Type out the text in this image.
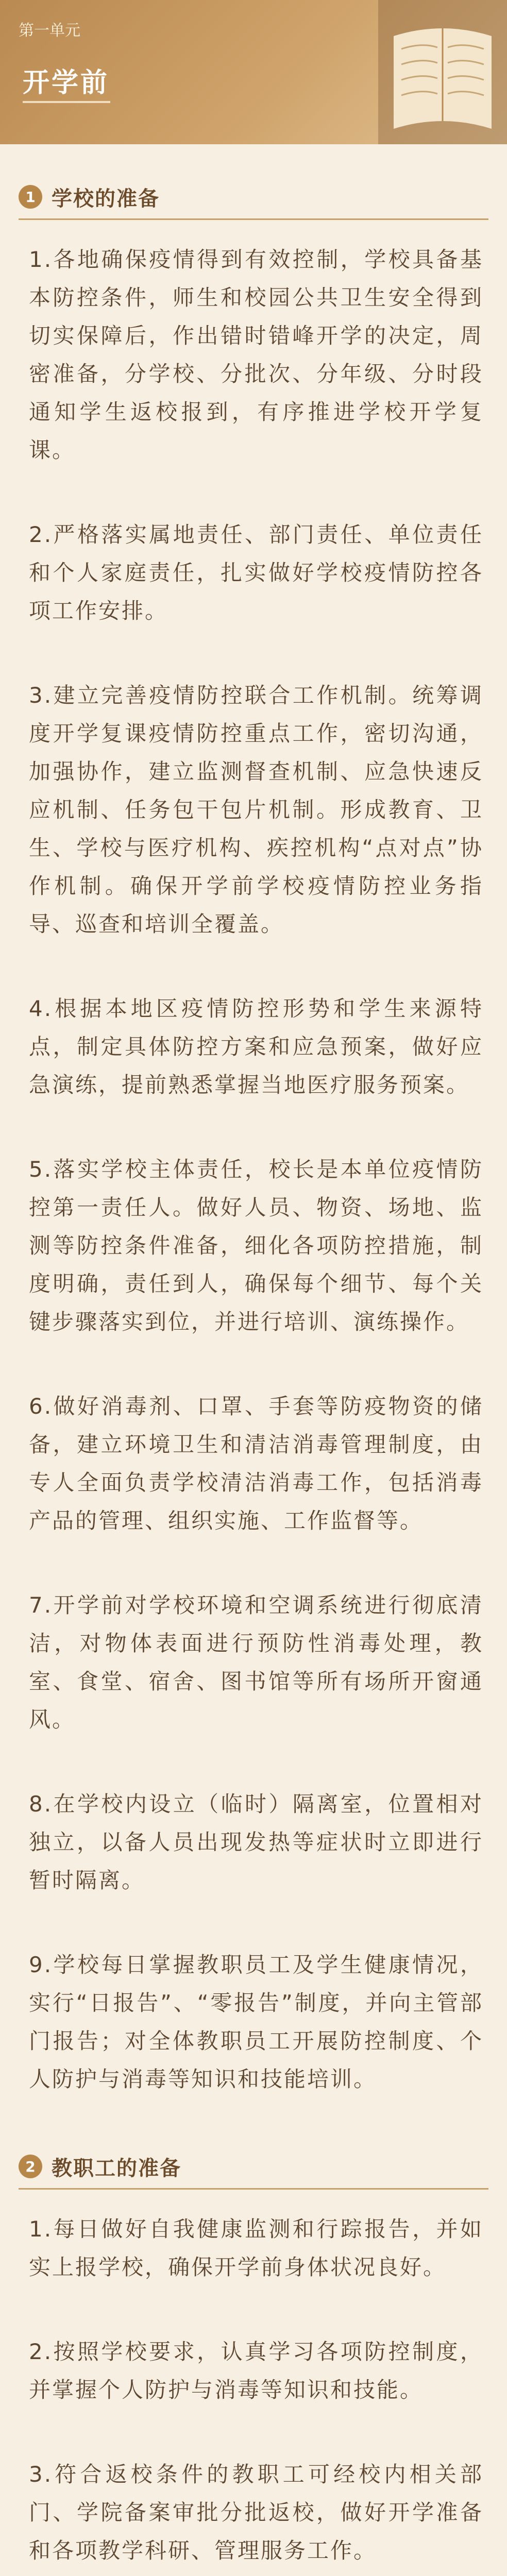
第一单元
开学前
1 学校的准备

1.各地确保疫情得到有效控制，学校具备基本防控条件，师生和校园公共卫生安全得到切实保障后，作出错时错峰开学的决定，周密准备，分学校、分批次、分年级、分时段通知学生返校报到，有序推进学校开学复课。

2.严格落实属地责任、部门责任、单位责任和个人家庭责任，扎实做好学校疫情防控各项工作安排。

3.建立完善疫情防控联合工作机制。统筹调度开学复课疫情防控重点工作，密切沟通，加强协作，建立监测督查机制、应急快速反应机制、任务包干包片机制。形成教育、卫生、学校与医疗机构、疾控机构“点对点”协作机制。确保开学前学校疫情防控业务指导、巡查和培训全覆盖。

4.根据本地区疫情防控形势和学生来源特点，制定具体防控方案和应急预案，做好应急演练，提前熟悉掌握当地医疗服务预案。

5.落实学校主体责任，校长是本单位疫情防控第一责任人。做好人员、物资、场地、监测等防控条件准备，细化各项防控措施，制度明确，责任到人，确保每个细节、每个关键步骤落实到位，并进行培训、演练操作。

6.做好消毒剂、口罩、手套等防疫物资的储备，建立环境卫生和清洁消毒管理制度，由专人全面负责学校清洁消毒工作，包括消毒产品的管理、组织实施、工作监督等。

7.开学前对学校环境和空调系统进行彻底清洁，对物体表面进行预防性消毒处理，教室、食堂、宿舍、图书馆等所有场所开窗通风。

8.在学校内设立（临时）隔离室，位置相对独立，以备人员出现发热等症状时立即进行暂时隔离。

9.学校每日掌握教职员工及学生健康情况，实行“日报告”、“零报告”制度，并向主管部门报告；对全体教职员工开展防控制度、个人防护与消毒等知识和技能培训。

2 教职工的准备

1.每日做好自我健康监测和行踪报告，并如实上报学校，确保开学前身体状况良好。

2.按照学校要求，认真学习各项防控制度，并掌握个人防护与消毒等知识和技能。

3.符合返校条件的教职工可经校内相关部门、学院备案审批分批返校，做好开学准备和各项教学科研、管理服务工作。
